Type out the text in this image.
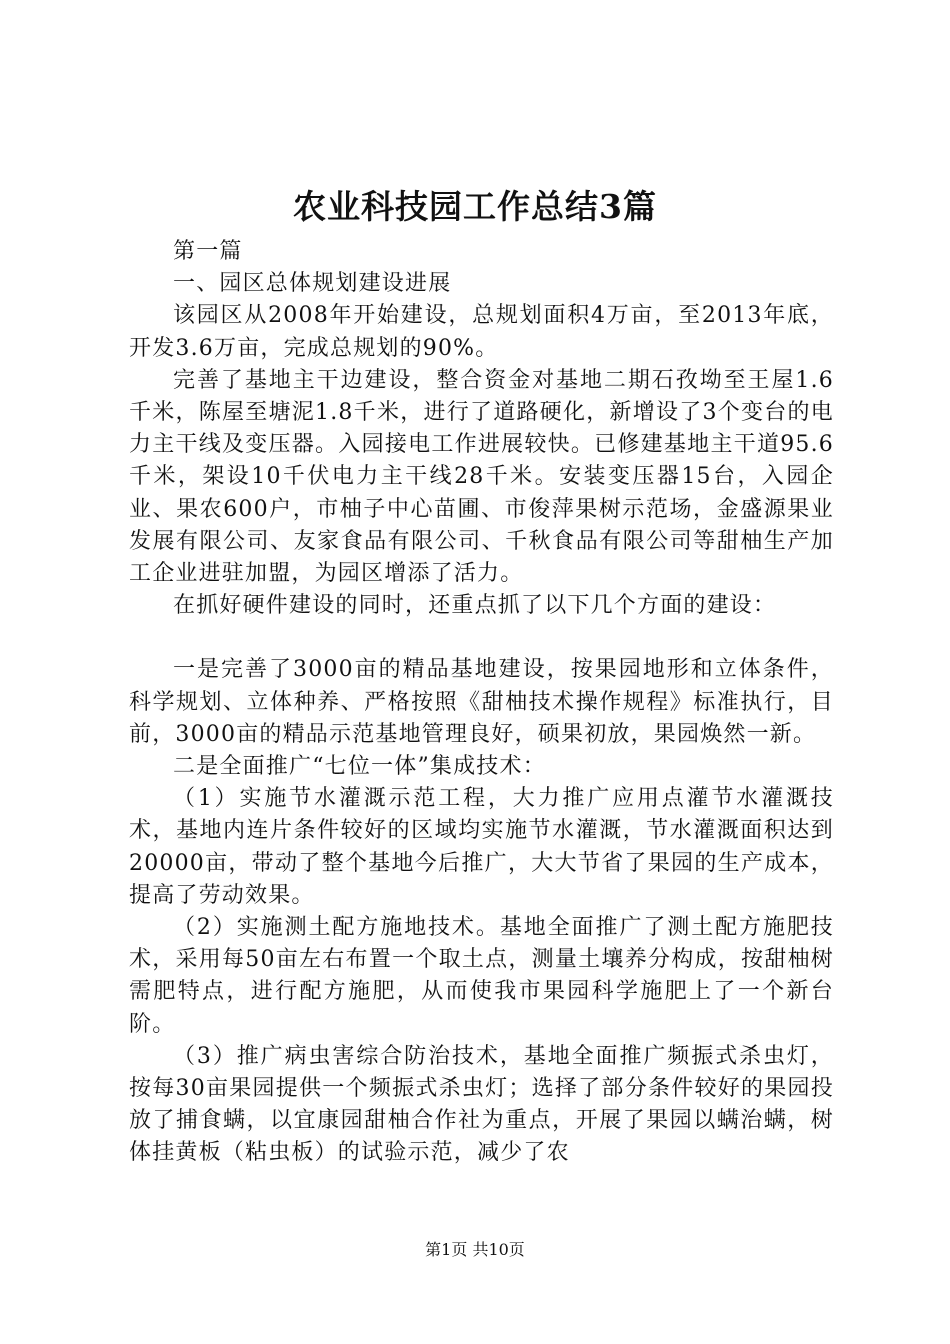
农业科技园工作总结3篇

第一篇

一、园区总体规划建设进展

该园区从2008年开始建设，总规划面积4万亩，至2013年底，开发3.6万亩，完成总规划的90%。

完善了基地主干边建设，整合资金对基地二期石孜坳至王屋1.6千米，陈屋至塘泥1.8千米，进行了道路硬化，新增设了3个变台的电力主干线及变压器。入园接电工作进展较快。已修建基地主干道95.6千米，架设10千伏电力主干线28千米。安装变压器15台，入园企业、果农600户，市柚子中心苗圃、市俊萍果树示范场，金盛源果业发展有限公司、友家食品有限公司、千秋食品有限公司等甜柚生产加工企业进驻加盟，为园区增添了活力。

在抓好硬件建设的同时，还重点抓了以下几个方面的建设：

一是完善了3000亩的精品基地建设，按果园地形和立体条件，科学规划、立体种养、严格按照《甜柚技术操作规程》标准执行，目前，3000亩的精品示范基地管理良好，硕果初放，果园焕然一新。

二是全面推广“七位一体”集成技术：

（1）实施节水灌溉示范工程，大力推广应用点灌节水灌溉技术，基地内连片条件较好的区域均实施节水灌溉，节水灌溉面积达到20000亩，带动了整个基地今后推广，大大节省了果园的生产成本，提高了劳动效果。

（2）实施测土配方施地技术。基地全面推广了测土配方施肥技术，采用每50亩左右布置一个取土点，测量土壤养分构成，按甜柚树需肥特点，进行配方施肥，从而使我市果园科学施肥上了一个新台阶。

（3）推广病虫害综合防治技术，基地全面推广频振式杀虫灯，按每30亩果园提供一个频振式杀虫灯；选择了部分条件较好的果园投放了捕食螨，以宜康园甜柚合作社为重点，开展了果园以螨治螨，树体挂黄板（粘虫板）的试验示范，减少了农

第1页 共10页
